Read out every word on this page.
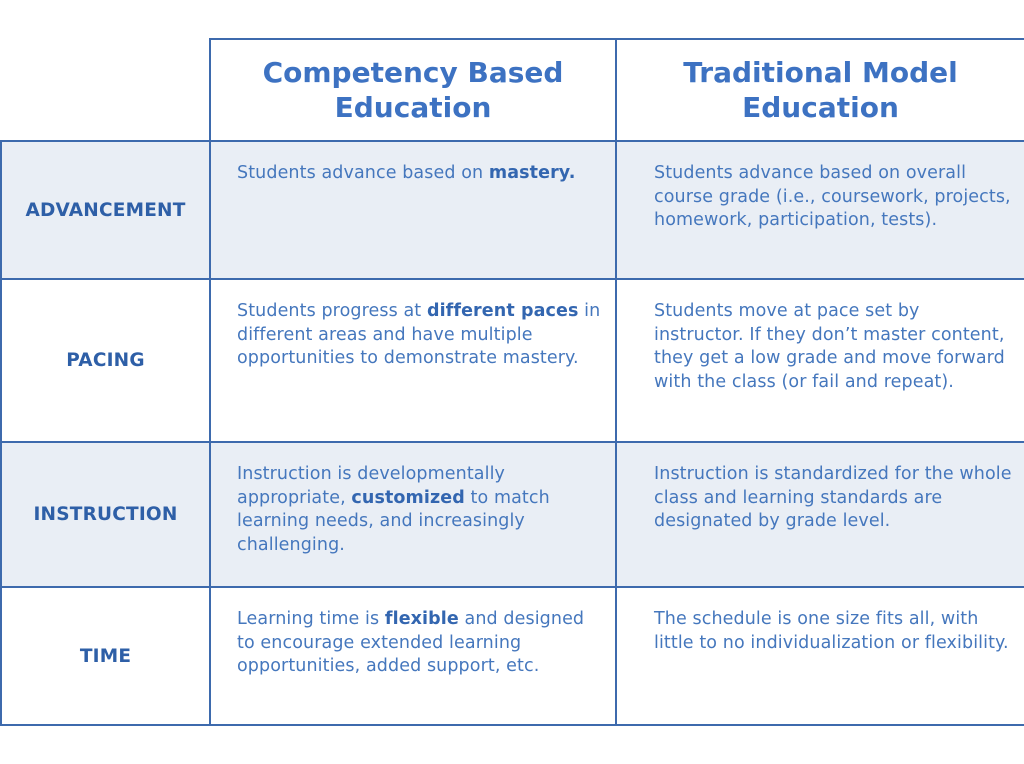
Competency Based
Education
Traditional Model
Education
ADVANCEMENT
Students advance based on mastery.	Students advance based on overall course grade (i.e., coursework, projects, homework, participation, tests).
PACING
Students progress at different paces in different areas and have multiple opportunities to demonstrate mastery.
Students move at pace set by instructor. If they don’t master content, they get a low grade and move forward with the class (or fail and repeat).
INSTRUCTION
Instruction is developmentally appropriate, customized to match learning needs, and increasingly challenging.
Instruction is standardized for the whole class and learning standards are designated by grade level.
TIME
Learning time is flexible and designed to encourage extended learning opportunities, added support, etc.
The schedule is one size fits all, with little to no individualization or flexibility.
